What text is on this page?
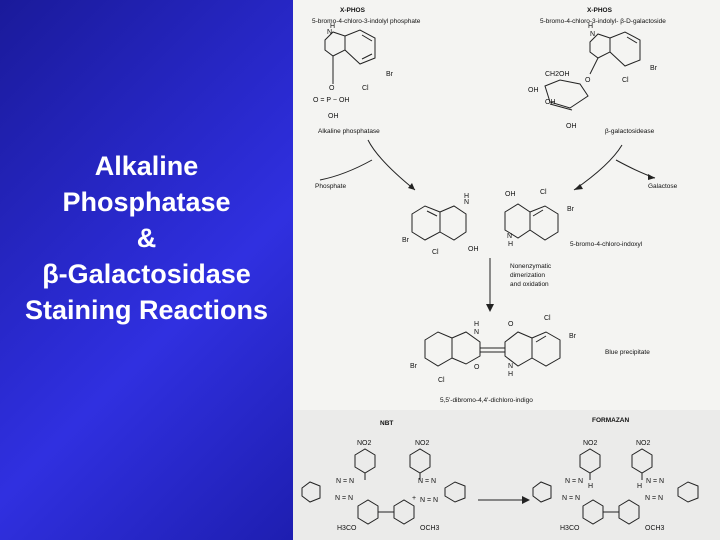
Alkaline
Phosphatase
&
β-Galactosidase
Staining Reactions
X-PHOS
5-bromo-4-chloro-3-indolyl phosphate
N
H
Br
Cl
O
O = P − OH
OH
Alkaline phosphatase
X-PHOS
5-bromo-4-chloro-3-indolyl- β-D-galactoside
N
H
Br
Cl
O
CH2OH
OH
OH
OH
β-galactosidease
Phosphate	Galactose
N
H
Br
Cl	OH
OH	Cl
Br
N
H	5-bromo-4-chloro-indoxyl
Nonenzymatic
dimerization
and oxidation
H
N
O
Cl
Br
O	N
H
Br
Cl
Blue precipitate
5,5'-dibromo-4,4'-dichloro-indigo
NBT	FORMAZAN
NO2	NO2
N = N	N = N
N = N	+ N = N
H3CO	OCH3
NO2	NO2
N = N	N = N
H	H
N = N	N = N
H3CO	OCH3
